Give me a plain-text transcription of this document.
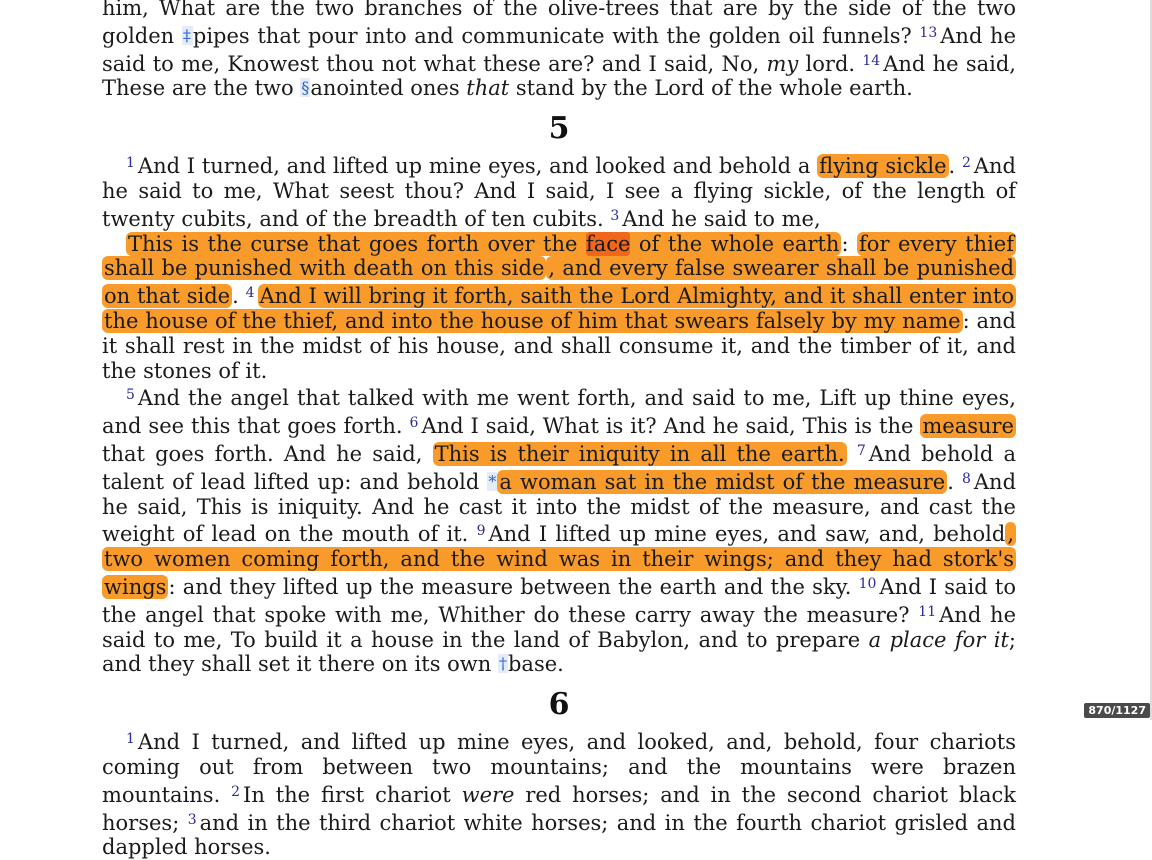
him, What are the two branches of the olive-trees that are by the side of the two golden ‡pipes that pour into and communicate with the golden oil funnels? $^{13}$ And he said to me, Knowest thou not what these are? and I said, No, my lord. $^{14}$ And he said, These are the two §anointed ones that stand by the Lord of the whole earth.

5

$^1$ And I turned, and lifted up mine eyes, and looked and behold a flying sickle. $^2$ And he said to me, What seest thou? And I said, I see a flying sickle, of the length of twenty cubits, and of the breadth of ten cubits. $^3$ And he said to me,

This is the curse that goes forth over the face of the whole earth: for every thief shall be punished with death on this side , and every false swearer shall be punished on that side. $^4$ And I will bring it forth, saith the Lord Almighty, and it shall enter into the house of the thief, and into the house of him that swears falsely by my name: and it shall rest in the midst of his house, and shall consume it, and the timber of it, and the stones of it.

$^5$ And the angel that talked with me went forth, and said to me, Lift up thine eyes, and see this that goes forth. $^6$ And I said, What is it? And he said, This is the measure that goes forth. And he said, This is their iniquity in all the earth. $^7$ And behold a talent of lead lifted up: and behold * a woman sat in the midst of the measure. $^8$ And he said, This is iniquity. And he cast it into the midst of the measure, and cast the weight of lead on the mouth of it. $^9$ And I lifted up mine eyes, and saw, and, behold, two women coming forth, and the wind was in their wings; and they had stork's wings: and they lifted up the measure between the earth and the sky. $^{10}$ And I said to the angel that spoke with me, Whither do these carry away the measure? $^{11}$ And he said to me, To build it a house in the land of Babylon, and to prepare a place for it; and they shall set it there on its own †base.

6

$^1$ And I turned, and lifted up mine eyes, and looked, and, behold, four chariots coming out from between two mountains; and the mountains were brazen mountains. $^2$ In the first chariot were red horses; and in the second chariot black horses; $^3$ and in the third chariot white horses; and in the fourth chariot grisled and dappled horses.

870/1127
